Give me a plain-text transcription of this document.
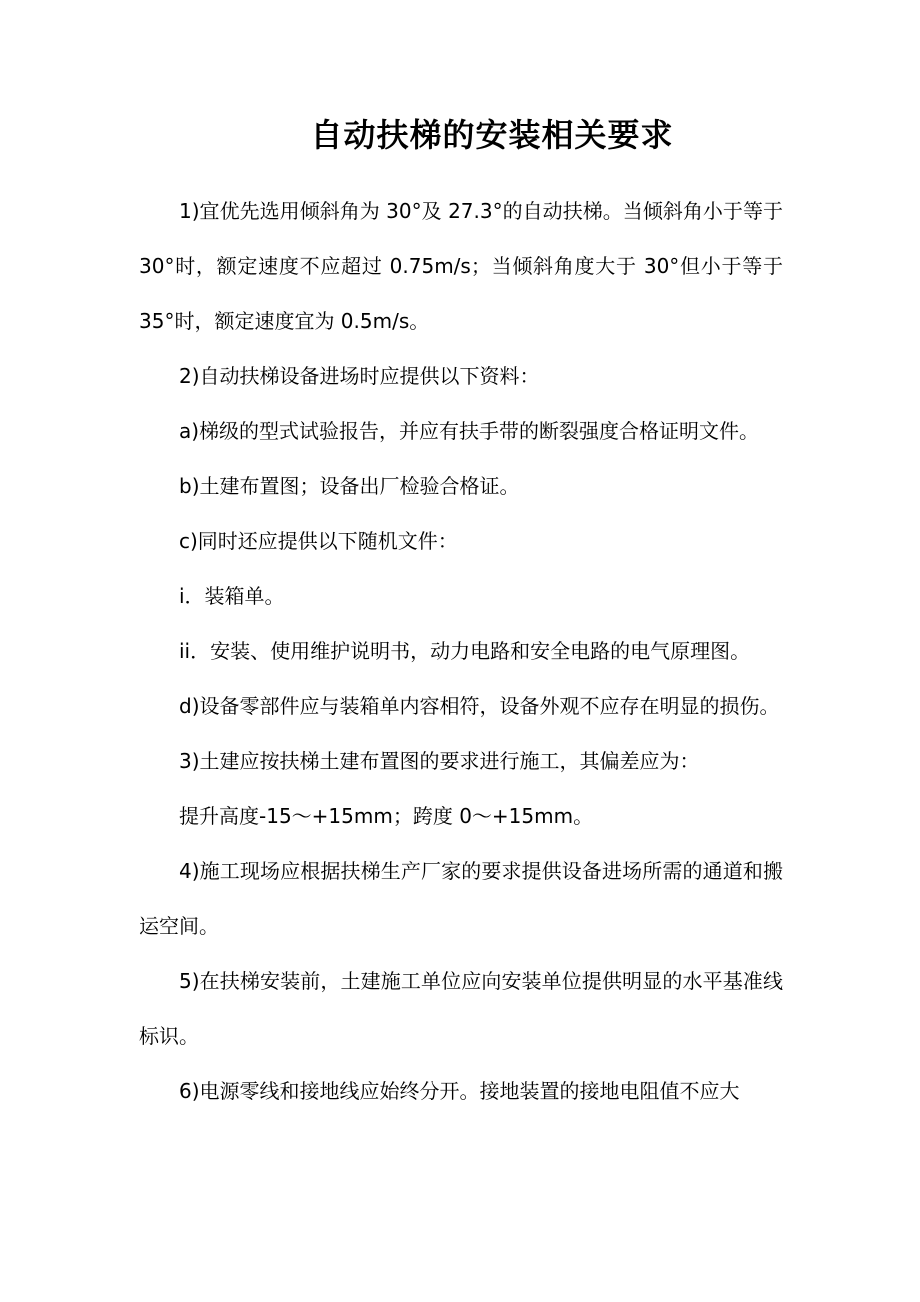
自动扶梯的安装相关要求

1)宜优先选用倾斜角为 30°及 27.3°的自动扶梯。当倾斜角小于等于 30°时，额定速度不应超过 0.75m/s；当倾斜角度大于 30°但小于等于 35°时，额定速度宜为 0.5m/s。

2)自动扶梯设备进场时应提供以下资料：

a)梯级的型式试验报告，并应有扶手带的断裂强度合格证明文件。

b)土建布置图；设备出厂检验合格证。

c)同时还应提供以下随机文件：

i．装箱单。

ii．安装、使用维护说明书，动力电路和安全电路的电气原理图。

d)设备零部件应与装箱单内容相符，设备外观不应存在明显的损伤。

3)土建应按扶梯土建布置图的要求进行施工，其偏差应为：

提升高度-15～+15mm；跨度 0～+15mm。

4)施工现场应根据扶梯生产厂家的要求提供设备进场所需的通道和搬运空间。

5)在扶梯安装前，土建施工单位应向安装单位提供明显的水平基准线标识。

6)电源零线和接地线应始终分开。接地装置的接地电阻值不应大
